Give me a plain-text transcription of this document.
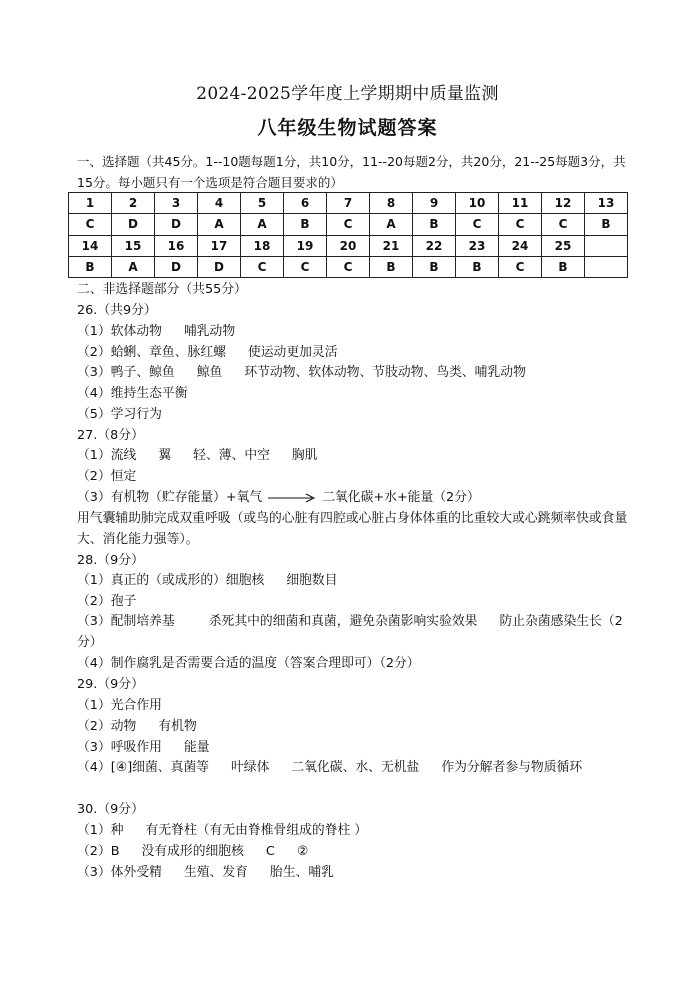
2024-2025学年度上学期期中质量监测
八年级生物试题答案
一、选择题（共45分。1--10题每题1分，共10分，11--20每题2分，共20分，21--25每题3分，共15分。每小题只有一个选项是符合题目要求的）
1	2	3	4	5	6	7	8	9	10	11	12	13
C	D	D	A	A	B	C	A	B	C	C	C	B
14	15	16	17	18	19	20	21	22	23	24	25	
B	A	D	D	C	C	C	B	B	B	C	B	
二、非选择题部分（共55分）
26.（共9分）
（1）软体动物 哺乳动物
（2）蛤蜊、章鱼、脉红螺 使运动更加灵活
（3）鸭子、鲸鱼 鲸鱼 环节动物、软体动物、节肢动物、鸟类、哺乳动物
（4）维持生态平衡
（5）学习行为
27.（8分）
（1）流线 翼 轻、薄、中空 胸肌
（2）恒定
（3）有机物（贮存能量）+氧气 → 二氧化碳+水+能量（2分）
用气囊辅助肺完成双重呼吸（或鸟的心脏有四腔或心脏占身体体重的比重较大或心跳频率快或食量大、消化能力强等）。
28.（9分）
（1）真正的（或成形的）细胞核 细胞数目
（2）孢子
（3）配制培养基	杀死其中的细菌和真菌，避免杂菌影响实验效果 防止杂菌感染生长（2分）
（4）制作腐乳是否需要合适的温度（答案合理即可）（2分）
29.（9分）
（1）光合作用
（2）动物 有机物
（3）呼吸作用 能量
（4）[④]细菌、真菌等 叶绿体 二氧化碳、水、无机盐 作为分解者参与物质循环
30.（9分）
（1）种 有无脊柱（有无由脊椎骨组成的脊柱 ）
（2）B 没有成形的细胞核 C ②
（3）体外受精 生殖、发育 胎生、哺乳
